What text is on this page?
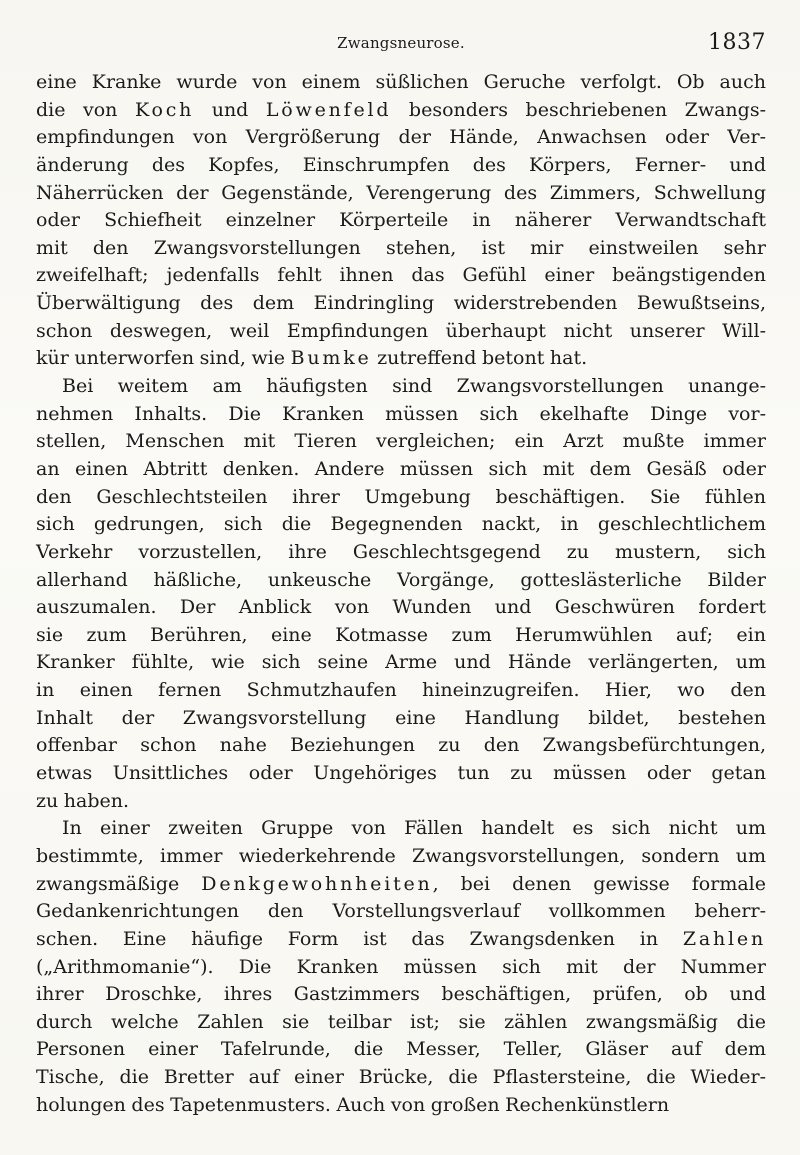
Zwangsneurose.	1837
eine Kranke wurde von einem süßlichen Geruche verfolgt. Ob auch
die von Koch und Löwenfeld besonders beschriebenen Zwangs-
empfindungen von Vergrößerung der Hände, Anwachsen oder Ver-
änderung des Kopfes, Einschrumpfen des Körpers, Ferner- und
Näherrücken der Gegenstände, Verengerung des Zimmers, Schwellung
oder Schiefheit einzelner Körperteile in näherer Verwandtschaft
mit den Zwangsvorstellungen stehen, ist mir einstweilen sehr
zweifelhaft; jedenfalls fehlt ihnen das Gefühl einer beängstigenden
Überwältigung des dem Eindringling widerstrebenden Bewußtseins,
schon deswegen, weil Empfindungen überhaupt nicht unserer Will-
kür unterworfen sind, wie Bumke zutreffend betont hat.
Bei weitem am häufigsten sind Zwangsvorstellungen unange-
nehmen Inhalts. Die Kranken müssen sich ekelhafte Dinge vor-
stellen, Menschen mit Tieren vergleichen; ein Arzt mußte immer
an einen Abtritt denken. Andere müssen sich mit dem Gesäß oder
den Geschlechtsteilen ihrer Umgebung beschäftigen. Sie fühlen
sich gedrungen, sich die Begegnenden nackt, in geschlechtlichem
Verkehr vorzustellen, ihre Geschlechtsgegend zu mustern, sich
allerhand häßliche, unkeusche Vorgänge, gotteslästerliche Bilder
auszumalen. Der Anblick von Wunden und Geschwüren fordert
sie zum Berühren, eine Kotmasse zum Herumwühlen auf; ein
Kranker fühlte, wie sich seine Arme und Hände verlängerten, um
in einen fernen Schmutzhaufen hineinzugreifen. Hier, wo den
Inhalt der Zwangsvorstellung eine Handlung bildet, bestehen
offenbar schon nahe Beziehungen zu den Zwangsbefürchtungen,
etwas Unsittliches oder Ungehöriges tun zu müssen oder getan
zu haben.
In einer zweiten Gruppe von Fällen handelt es sich nicht um
bestimmte, immer wiederkehrende Zwangsvorstellungen, sondern um
zwangsmäßige Denkgewohnheiten, bei denen gewisse formale
Gedankenrichtungen den Vorstellungsverlauf vollkommen beherr-
schen. Eine häufige Form ist das Zwangsdenken in Zahlen
(„Arithmomanie“). Die Kranken müssen sich mit der Nummer
ihrer Droschke, ihres Gastzimmers beschäftigen, prüfen, ob und
durch welche Zahlen sie teilbar ist; sie zählen zwangsmäßig die
Personen einer Tafelrunde, die Messer, Teller, Gläser auf dem
Tische, die Bretter auf einer Brücke, die Pflastersteine, die Wieder-
holungen des Tapetenmusters. Auch von großen Rechenkünstlern
